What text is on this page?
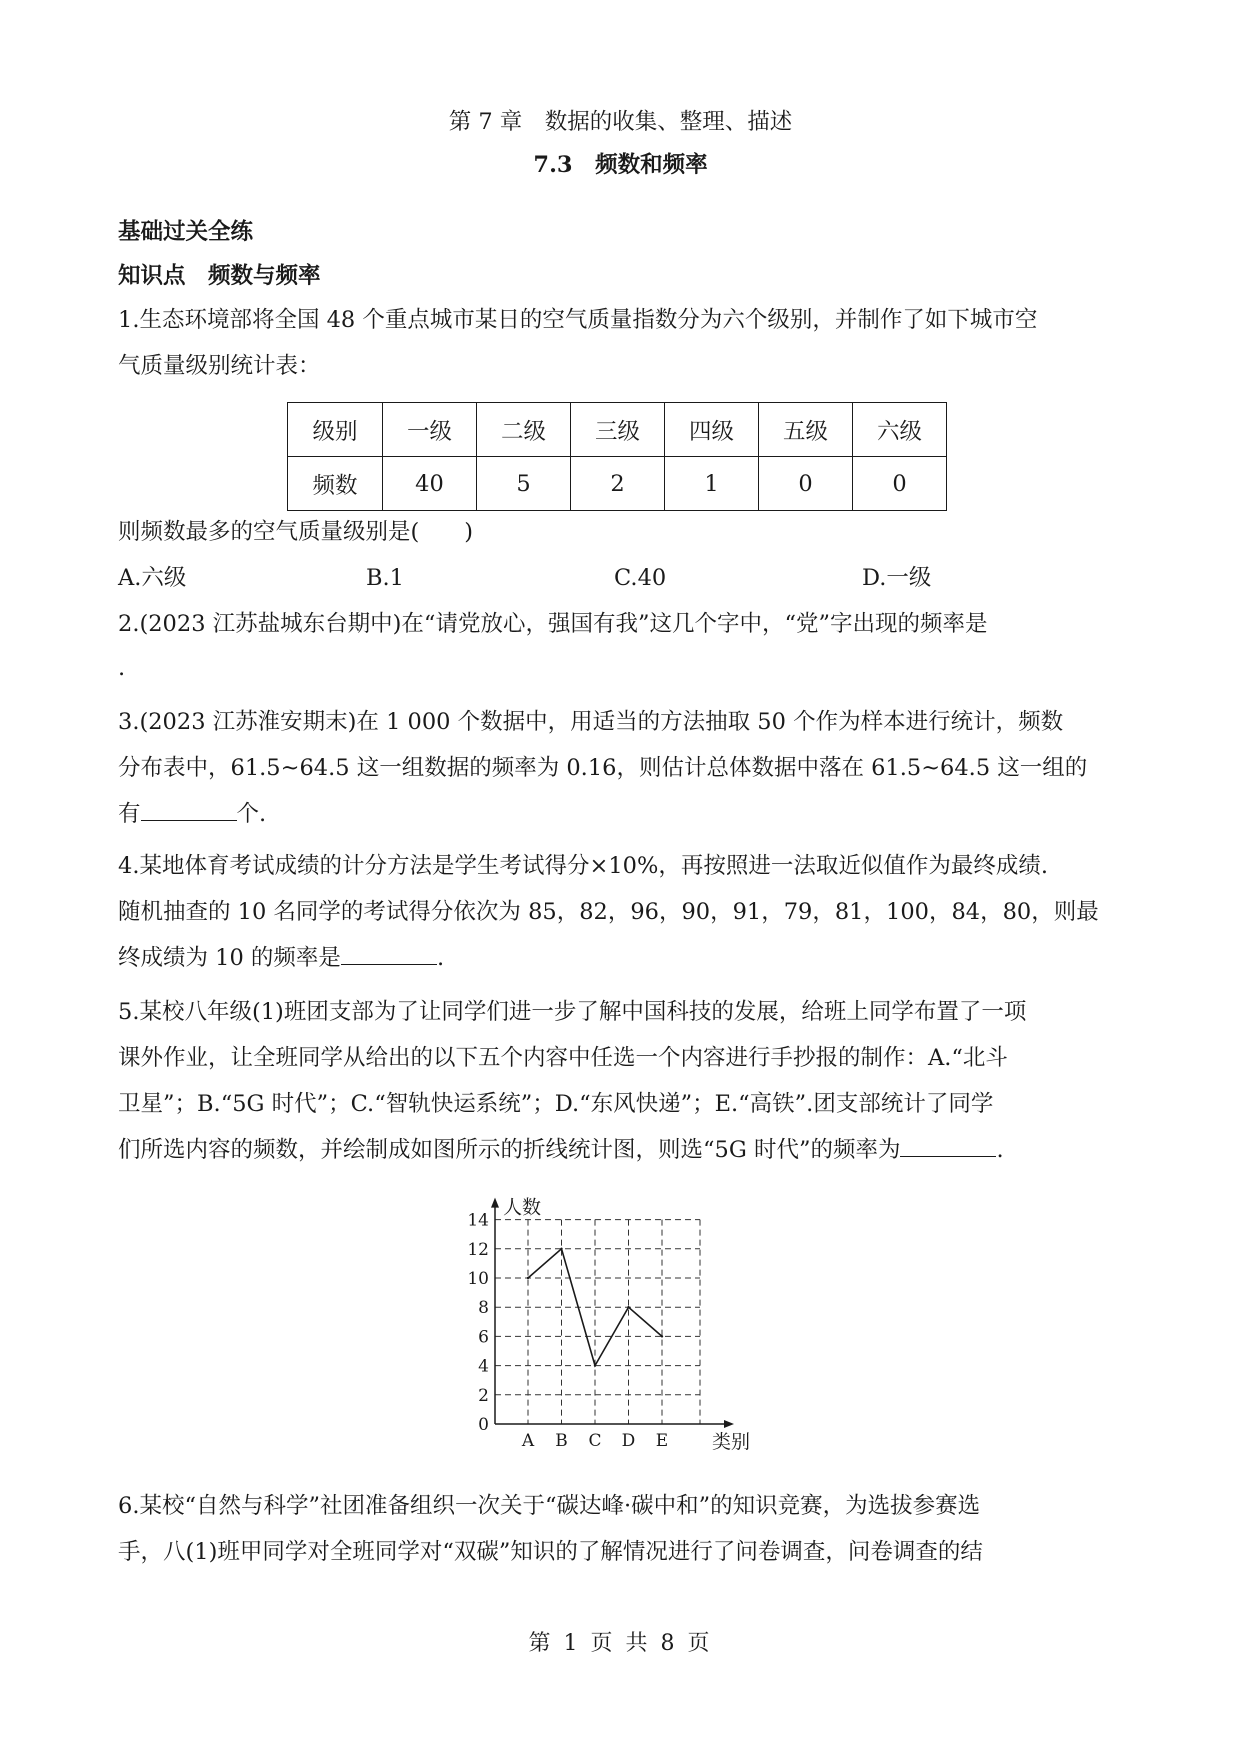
第 7 章　数据的收集、整理、描述
7.3　频数和频率
基础过关全练
知识点　频数与频率
1.生态环境部将全国 48 个重点城市某日的空气质量指数分为六个级别，并制作了如下城市空
气质量级别统计表：
级别	一级	二级	三级	四级	五级	六级
频数	40	5	2	1	0	0
则频数最多的空气质量级别是(　　)
A.六级	B.1	C.40	D.一级
2.(2023 江苏盐城东台期中)在“请党放心，强国有我”这几个字中，“党”字出现的频率是
.
3.(2023 江苏淮安期末)在 1 000 个数据中，用适当的方法抽取 50 个作为样本进行统计，频数
分布表中，61.5~64.5 这一组数据的频率为 0.16，则估计总体数据中落在 61.5~64.5 这一组的
有	个.
4.某地体育考试成绩的计分方法是学生考试得分×10%，再按照进一法取近似值作为最终成绩.
随机抽查的 10 名同学的考试得分依次为 85，82，96，90，91，79，81，100，84，80，则最
终成绩为 10 的频率是	.
5.某校八年级(1)班团支部为了让同学们进一步了解中国科技的发展，给班上同学布置了一项
课外作业，让全班同学从给出的以下五个内容中任选一个内容进行手抄报的制作：A.“北斗
卫星”；B.“5G 时代”；C.“智轨快运系统”；D.“东风快递”；E.“高铁”.团支部统计了同学
们所选内容的频数，并绘制成如图所示的折线统计图，则选“5G 时代”的频率为	.
0
2
4
6
8
10
12
14
A B C D E
人数
类别
6.某校“自然与科学”社团准备组织一次关于“碳达峰·碳中和”的知识竞赛，为选拔参赛选
手，八(1)班甲同学对全班同学对“双碳”知识的了解情况进行了问卷调查，问卷调查的结
第 1 页 共 8 页
